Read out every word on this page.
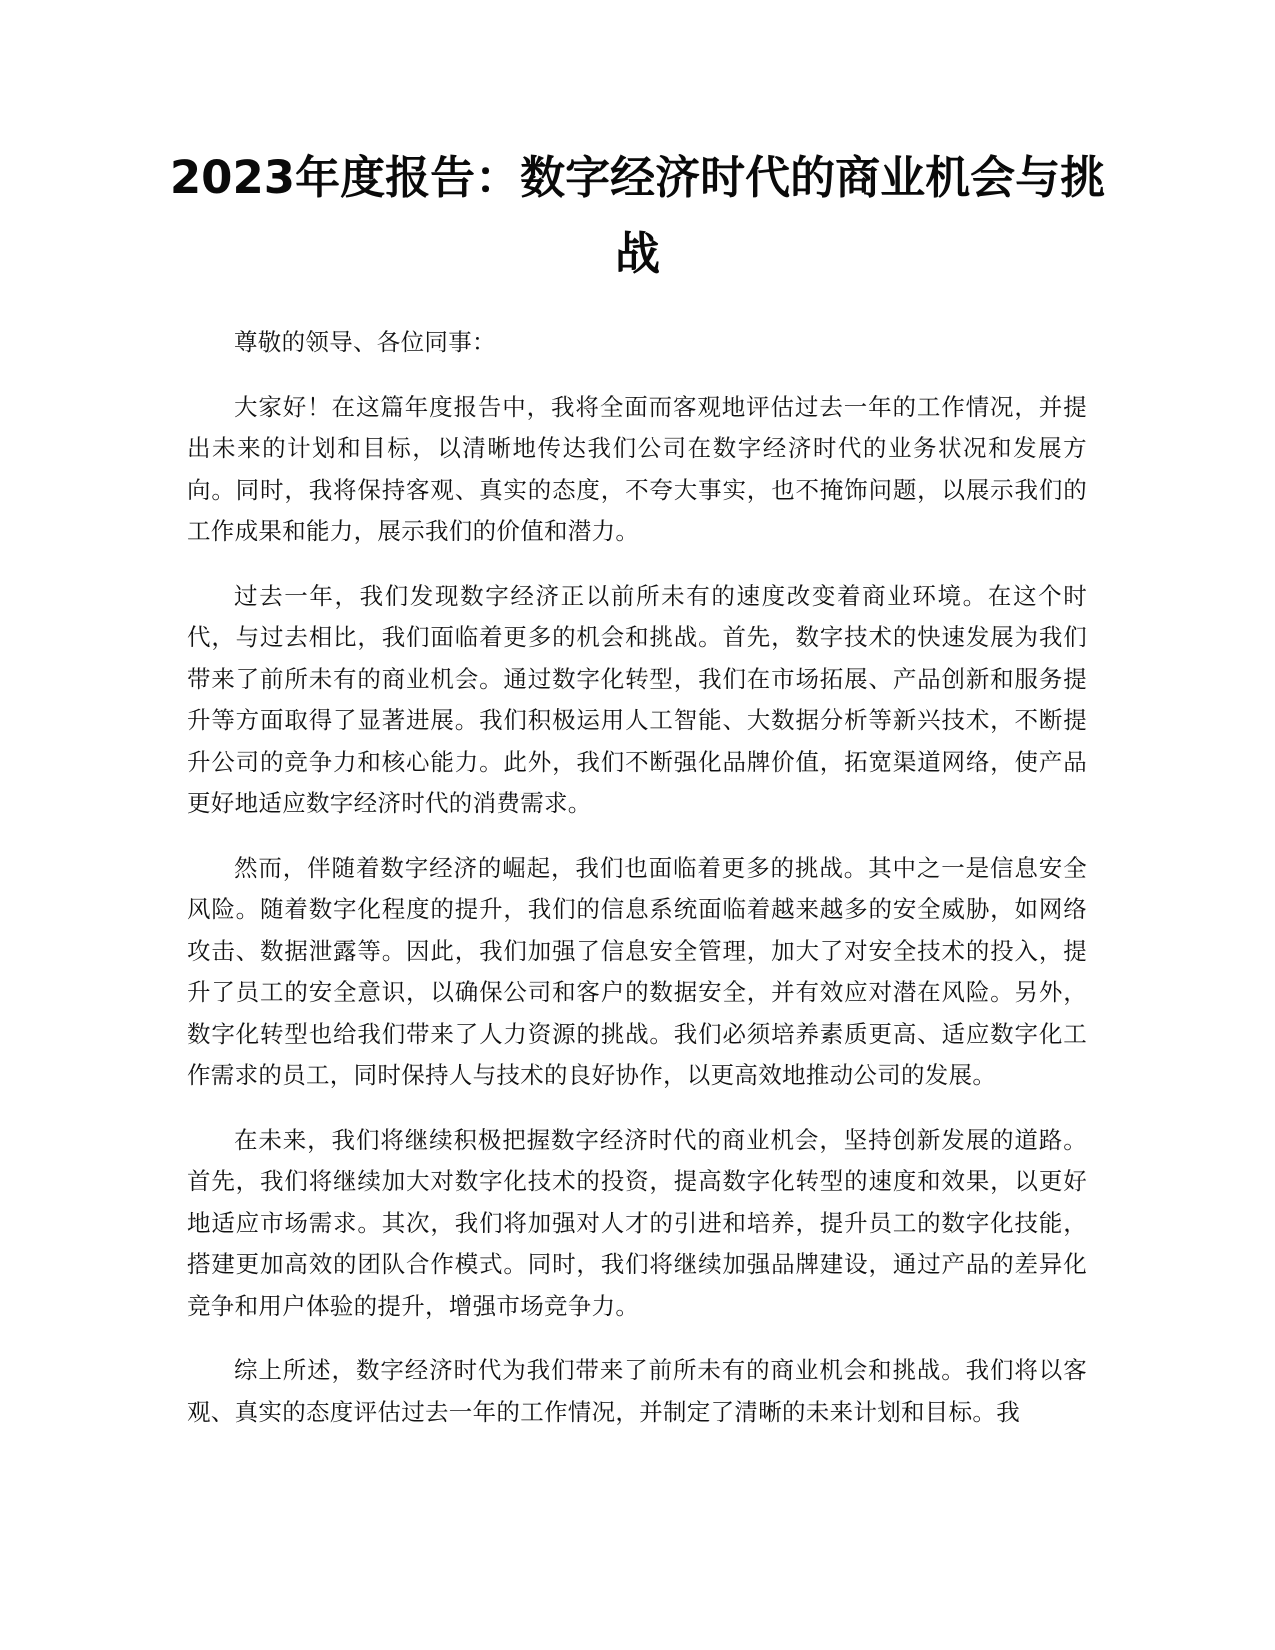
2023年度报告：数字经济时代的商业机会与挑战

尊敬的领导、各位同事：

大家好！在这篇年度报告中，我将全面而客观地评估过去一年的工作情况，并提出未来的计划和目标，以清晰地传达我们公司在数字经济时代的业务状况和发展方向。同时，我将保持客观、真实的态度，不夸大事实，也不掩饰问题，以展示我们的工作成果和能力，展示我们的价值和潜力。

过去一年，我们发现数字经济正以前所未有的速度改变着商业环境。在这个时代，与过去相比，我们面临着更多的机会和挑战。首先，数字技术的快速发展为我们带来了前所未有的商业机会。通过数字化转型，我们在市场拓展、产品创新和服务提升等方面取得了显著进展。我们积极运用人工智能、大数据分析等新兴技术，不断提升公司的竞争力和核心能力。此外，我们不断强化品牌价值，拓宽渠道网络，使产品更好地适应数字经济时代的消费需求。

然而，伴随着数字经济的崛起，我们也面临着更多的挑战。其中之一是信息安全风险。随着数字化程度的提升，我们的信息系统面临着越来越多的安全威胁，如网络攻击、数据泄露等。因此，我们加强了信息安全管理，加大了对安全技术的投入，提升了员工的安全意识，以确保公司和客户的数据安全，并有效应对潜在风险。另外，数字化转型也给我们带来了人力资源的挑战。我们必须培养素质更高、适应数字化工作需求的员工，同时保持人与技术的良好协作，以更高效地推动公司的发展。

在未来，我们将继续积极把握数字经济时代的商业机会，坚持创新发展的道路。首先，我们将继续加大对数字化技术的投资，提高数字化转型的速度和效果，以更好地适应市场需求。其次，我们将加强对人才的引进和培养，提升员工的数字化技能，搭建更加高效的团队合作模式。同时，我们将继续加强品牌建设，通过产品的差异化竞争和用户体验的提升，增强市场竞争力。

综上所述，数字经济时代为我们带来了前所未有的商业机会和挑战。我们将以客观、真实的态度评估过去一年的工作情况，并制定了清晰的未来计划和目标。我
